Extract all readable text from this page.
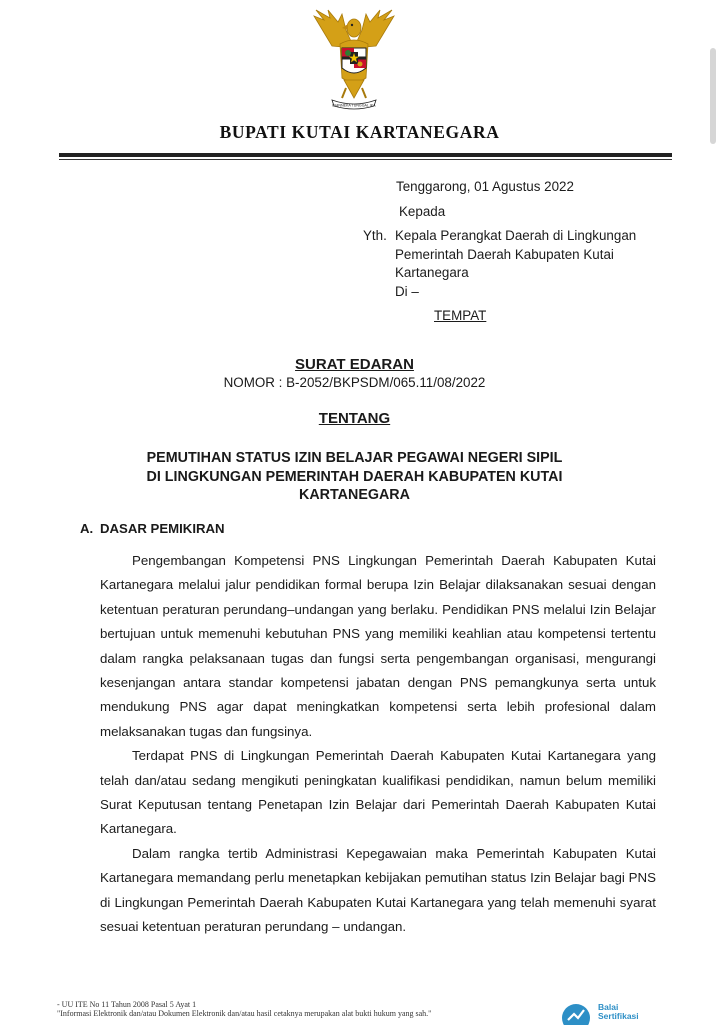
BHINNEKA TUNGGAL IKA
BUPATI KUTAI KARTANEGARA
Tenggarong, 01 Agustus 2022
Kepada
Yth. Kepala Perangkat Daerah di Lingkungan
Pemerintah Daerah Kabupaten Kutai
Kartanegara
Di –
TEMPAT
SURAT EDARAN
NOMOR : B-2052/BKPSDM/065.11/08/2022
TENTANG
PEMUTIHAN STATUS IZIN BELAJAR PEGAWAI NEGERI SIPIL
DI LINGKUNGAN PEMERINTAH DAERAH KABUPATEN KUTAI
KARTANEGARA
A. DASAR PEMIKIRAN

Pengembangan Kompetensi PNS Lingkungan Pemerintah Daerah Kabupaten Kutai Kartanegara melalui jalur pendidikan formal berupa Izin Belajar dilaksanakan sesuai dengan ketentuan peraturan perundang–undangan yang berlaku. Pendidikan PNS melalui Izin Belajar bertujuan untuk memenuhi kebutuhan PNS yang memiliki keahlian atau kompetensi tertentu dalam rangka pelaksanaan tugas dan fungsi serta pengembangan organisasi, mengurangi kesenjangan antara standar kompetensi jabatan dengan PNS pemangkunya serta untuk mendukung PNS agar dapat meningkatkan kompetensi serta lebih profesional dalam melaksanakan tugas dan fungsinya.

Terdapat PNS di Lingkungan Pemerintah Daerah Kabupaten Kutai Kartanegara yang telah dan/atau sedang mengikuti peningkatan kualifikasi pendidikan, namun belum memiliki Surat Keputusan tentang Penetapan Izin Belajar dari Pemerintah Daerah Kabupaten Kutai Kartanegara.

Dalam rangka tertib Administrasi Kepegawaian maka Pemerintah Kabupaten Kutai Kartanegara memandang perlu menetapkan kebijakan pemutihan status Izin Belajar bagi PNS di Lingkungan Pemerintah Daerah Kabupaten Kutai Kartanegara yang telah memenuhi syarat sesuai ketentuan peraturan perundang – undangan.

- UU ITE No 11 Tahun 2008 Pasal 5 Ayat 1
"Informasi Elektronik dan/atau Dokumen Elektronik dan/atau hasil cetaknya merupakan alat bukti hukum yang sah."
Balai
Sertifikasi
